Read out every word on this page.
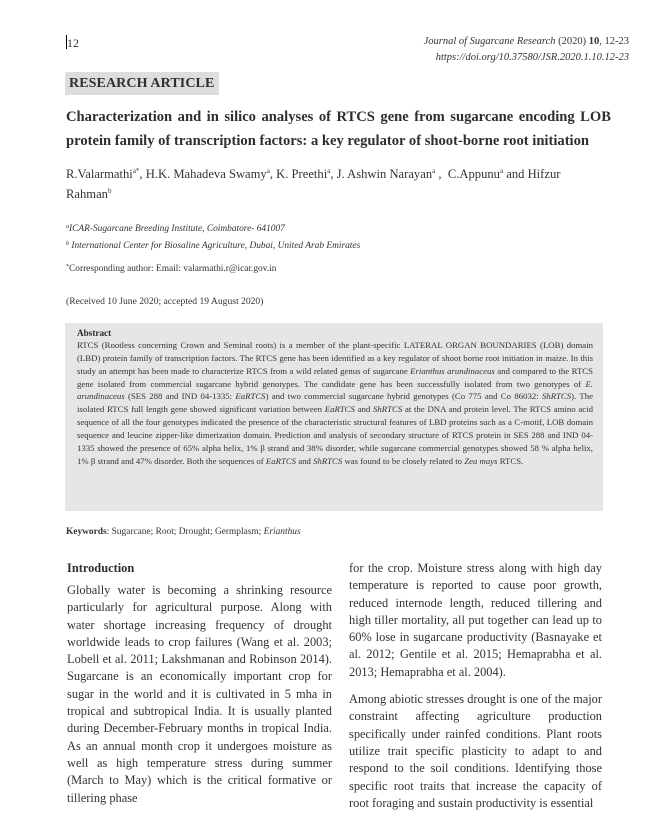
12	Journal of Sugarcane Research (2020) 10, 12-23
https://doi.org/10.37580/JSR.2020.1.10.12-23
RESEARCH ARTICLE
Characterization and in silico analyses of RTCS gene from sugarcane encoding LOB protein family of transcription factors: a key regulator of shoot-borne root initiation
R.Valarmathi$^{a*}$, H.K. Mahadeva Swamy$^a$, K. Preethi$^a$, J. Ashwin Narayan$^a$ ,  C.Appunu$^a$ and Hifzur Rahman$^b$
$^a$ICAR-Sugarcane Breeding Institute, Coimbatore- 641007
$^b$ International Center for Biosaline Agriculture, Dubai, United Arab Emirates
*Corresponding author: Email: valarmathi.r@icar.gov.in
(Received 10 June 2020; accepted 19 August 2020)
Abstract
RTCS (Rootless concerning Crown and Seminal roots) is a member of the plant-specific LATERAL ORGAN BOUNDARIES (LOB) domain (LBD) protein family of transcription factors. The RTCS gene has been identified as a key regulator of shoot borne root initiation in maize. In this study an attempt has been made to characterize RTCS from a wild related genus of sugarcane Erianthus arundinaceus and compared to the RTCS gene isolated from commercial sugarcane hybrid genotypes. The candidate gene has been successfully isolated from two genotypes of E. arundinaceus (SES 288 and IND 04-1335: EaRTCS) and two commercial sugarcane hybrid genotypes (Co 775 and Co 86032: ShRTCS). The isolated RTCS full length gene showed significant variation between EaRTCS and ShRTCS at the DNA and protein level. The RTCS amino acid sequence of all the four genotypes indicated the presence of the characteristic structural features of LBD proteins such as a C-motif, LOB domain sequence and leucine zipper-like dimerization domain. Prediction and analysis of secondary structure of RTCS protein in SES 288 and IND 04-1335 showed the presence of 65% alpha helix, 1% β strand and 38% disorder, while sugarcane commercial genotypes showed 58 % alpha helix, 1% β strand and 47% disorder. Both the sequences of EaRTCS and ShRTCS was found to be closely related to Zea mays RTCS.
Keywords: Sugarcane; Root; Drought; Germplasm; Erianthus
Introduction

Globally water is becoming a shrinking resource particularly for agricultural purpose. Along with water shortage increasing frequency of drought worldwide leads to crop failures (Wang et al. 2003; Lobell et al. 2011; Lakshmanan and Robinson 2014). Sugarcane is an economically important crop for sugar in the world and it is cultivated in 5 mha in tropical and subtropical India. It is usually planted during December-February months in tropical India. As an annual month crop it undergoes moisture as well as high temperature stress during summer (March to May) which is the critical formative or tillering phase

for the crop. Moisture stress along with high day temperature is reported to cause poor growth, reduced internode length, reduced tillering and high tiller mortality, all put together can lead up to 60% lose in sugarcane productivity (Basnayake et al. 2012; Gentile et al. 2015; Hemaprabha et al. 2013; Hemaprabha et al. 2004).

Among abiotic stresses drought is one of the major constraint affecting agriculture production specifically under rainfed conditions. Plant roots utilize trait specific plasticity to adapt to and respond to the soil conditions. Identifying those specific root traits that increase the capacity of root foraging and sustain productivity is essential
